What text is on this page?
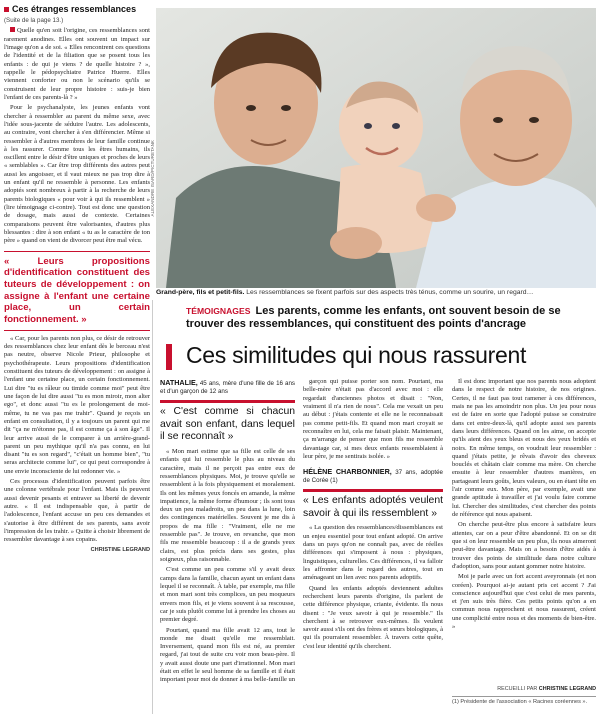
Ces étranges ressemblances
(Suite de la page 13.)

Quelle qu'en soit l'origine, ces ressemblances sont rarement anodines. Elles ont souvent un impact sur l'image qu'on a de soi. « Elles rencontrent ces questions de l'identité et de la filiation que se posent tous les enfants : de qui je viens ? de quelle histoire ? », rappelle le pédopsychiatre Patrice Huerre. Elles viennent conforter ou non le scénario qu'ils se construisent de leur propre histoire : suis-je bien l'enfant de ces parents-là ? »

Pour le psychanalyste, les jeunes enfants vont chercher à ressembler au parent du même sexe, avec l'idée sous-jacente de séduire l'autre. Les adolescents, au contraire, vont chercher à s'en différencier. Même si ressembler à d'autres membres de leur famille continue à les rassurer. Comme tous les êtres humains, ils oscillent entre le désir d'être uniques et proches de leurs « semblables ». Car être trop différents des autres peut aussi les angoisser, et il vaut mieux ne pas trop dire à un enfant qu'il ne ressemble à personne. Les enfants adoptés sont nombreux à partir à la recherche de leurs parents biologiques « pour voir à qui ils ressemblent » (lire témoignage ci-contre). Tout est donc une question de dosage, mais aussi de contexte. Certaines comparaisons peuvent être valorisantes, d'autres plus blessantes : dire à son enfant « tu as le caractère de ton père » quand on vient de divorcer peut être mal vécu.

« Leurs propositions d'identification constituent des tuteurs de développement : on assigne à l'enfant une certaine place, un certain fonctionnement. »

« Car, pour les parents non plus, ce désir de retrouver des ressemblances chez leur enfant dès le berceau n'est pas neutre, observe Nicole Prieur, philosophe et psychothérapeute. Leurs propositions d'identification constituent des tuteurs de développement : on assigne à l'enfant une certaine place, un certain fonctionnement. Lui dire "tu es râleur ou timide comme moi" peut être une façon de lui dire aussi "tu es mon miroir, mon alter ego", et donc aussi "tu es le prolongement de moi-même, tu ne vas pas me trahir". Quand je reçois un enfant en consultation, il y a toujours un parent qui me dit "ça ne m'étonne pas, il est comme ça à son âge". Il leur arrive aussi de le comparer à un arrière-grand-parent un peu mythique qu'il n'a pas connu, en lui disant "tu es son regard", "c'était un homme bien", "tu seras architecte comme lui", ce qui peut correspondre à une envie inconsciente de lui redonner vie. »

Ces processus d'identification peuvent parfois être une colonne vertébrale pour l'enfant. Mais ils peuvent aussi devenir pesants et entraver sa liberté de devenir autre. « Il est indispensable que, à partir de l'adolescence, l'enfant accuse un peu ces demandes et s'autorise à être différent de ses parents, sans avoir l'impression de les trahir. » Quitte à choisir librement de ressembler davantage à ses copains.

CHRISTINE LEGRAND
ALEXANDRE ISARD/PICTURETANK
Grand-père, fils et petit-fils. Les ressemblances se fixent parfois sur des aspects très ténus, comme un sourire, un regard…
TÉMOIGNAGES Les parents, comme les enfants, ont souvent besoin de se trouver des ressemblances, qui constituent des points d'ancrage
Ces similitudes qui nous rassurent
NATHALIE, 45 ans, mère d'une fille de 16 ans et d'un garçon de 12 ans
« C'est comme si chacun avait son enfant, dans lequel il se reconnaît »

« Mon mari estime que sa fille est celle de ses enfants qui lui ressemble le plus au niveau du caractère, mais il ne perçoit pas entre eux de ressemblances physiques. Moi, je trouve qu'elle se ressemblent à la fois physiquement et moralement. Ils ont les mêmes yeux foncés en amande, la même impatience, la même forme d'humour ; ils sont tous deux un peu maladroits, un peu dans la lune, loin des contingences matérielles. Souvent je me dis à propos de ma fille : "Vraiment, elle ne me ressemble pas". Je trouve, en revanche, que mon fils me ressemble beaucoup : il a de grands yeux clairs, est plus précis dans ses gestes, plus soigneux, plus raisonnable.

C'est comme un peu comme s'il y avait deux camps dans la famille, chacun ayant un enfant dans lequel il se reconnaît. À table, par exemple, ma fille et mon mari sont très complices, un peu moqueurs envers mon fils, et je viens souvent à sa rescousse, car je suis plutôt comme lui à prendre les choses au premier degré.

Pourtant, quand ma fille avait 12 ans, tout le monde me disait qu'elle me ressemblait. Inversement, quand mon fils est né, au premier regard, j'ai tout de suite cru voir mon beau-père. Il y avait aussi doute une part d'irrationnel. Mon mari était en effet le seul homme de sa famille et il était important pour moi de donner à ma belle-famille un

garçon qui puisse porter son nom. Pourtant, ma belle-mère n'était pas d'accord avec moi : elle regardait d'anciennes photos et disait : "Non, vraiment il n'a rien de nous". Cela me vexait un peu au début : j'étais contente et elle ne le reconnaissait pas comme petit-fils. Et quand mon mari croyait se reconnaître en lui, cela me faisait plaisir. Maintenant, ça m'arrange de penser que mon fils me ressemble davantage car, si mes deux enfants ressemblaient à leur père, je me sentirais isolée. »

HÉLÈNE CHARBONNIER, 37 ans, adoptée de Corée (1)
« Les enfants adoptés veulent savoir à qui ils ressemblent »

« La question des ressemblances/dissemblances est un enjeu essentiel pour tout enfant adopté. On arrive dans un pays qu'on ne connaît pas, avec de réelles différences qui s'imposent à nous : physiques, linguistiques, culturelles. Ces différences, il va falloir les affronter dans le regard des autres, tout en aménageant un lien avec nos parents adoptifs.

Quand les enfants adoptés deviennent adultes recherchent leurs parents d'origine, ils parlent de cette différence physique, criante, évidente. Ils nous disent : "Je veux savoir à qui je ressemble." Ils cherchent à se retrouver eux-mêmes. Ils veulent savoir aussi s'ils ont des frères et sœurs biologiques, à qui ils pourraient ressembler. À travers cette quête, c'est leur identité qu'ils cherchent.

Il est donc important que nos parents nous adoptent dans le respect de notre histoire, de nos origines. Certes, il ne faut pas tout ramener à ces différences, mais ne pas les amoindrir non plus. Un jeu pour nous est de faire en sorte que l'adopté puisse se construire dans cet entre-deux-là, qu'il adopte aussi ses parents dans leurs différences. Quand on les aime, on accepte qu'ils aient des yeux bleus et nous des yeux bridés et noirs. En même temps, on voudrait leur ressembler : quand j'étais petite, je rêvais d'avoir des cheveux bouclés et châtain clair comme ma mère. On cherche ensuite à leur ressembler d'autres manières, en partageant leurs goûts, leurs valeurs, ou en étant tête en l'air comme eux. Mon père, par exemple, avait une grande aptitude à travailler et j'ai voulu faire comme lui. Chercher des similitudes, c'est chercher des points de référence qui nous apaisent.

On cherche peut-être plus encore à satisfaire leurs attentes, car on a peur d'être abandonné. Et on se dit que si on leur ressemble un peu plus, ils nous aimeront peut-être davantage. Mais on a besoin d'être aidés à trouver des points de similitude dans notre culture d'adoption, sans pour autant gommer notre histoire.

Moi je parle avec un fort accent aveyronnais (et non coréen). Pourquoi ai-je autant pris cet accent ? J'ai conscience aujourd'hui que c'est celui de mes parents, et j'en suis très fière. Ces petits points qu'on a en commun nous rapprochent et nous rassurent, créent une complicité entre nous et des moments de bien-être. »

RECUEILLI PAR CHRISTINE LEGRAND
(1) Présidente de l'association « Racines coréennes ».
